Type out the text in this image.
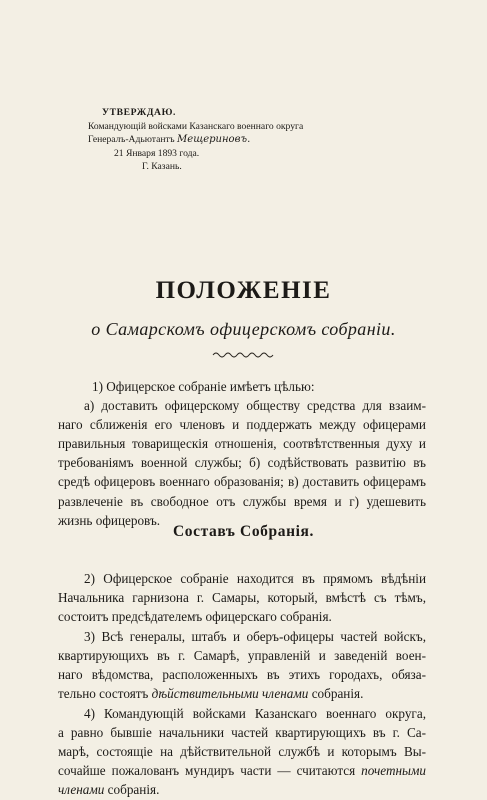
УТВЕРЖДАЮ.
Командующій войсками Казанскаго военнаго округа
Генералъ-Адьютантъ Мещериновъ.
21 Января 1893 года.
Г. Казань.
ПОЛОЖЕНІЕ
о Самарскомъ офицерскомъ собраніи.
1) Офицерское собраніе имѣетъ цѣлью:
а) доставить офицерскому обществу средства для взаим-
наго сближенія его членовъ и поддержать между офицерами
правильныя товарищескія отношенія, соотвѣтственныя духу и
требованіямъ военной службы; б) содѣйствовать развитію въ
средѣ офицеровъ военнаго образованія; в) доставить офицерамъ
развлеченіе въ свободное отъ службы время и г) удешевить
жизнь офицеровъ.
Составъ Собранія.
2) Офицерское собраніе находится въ прямомъ вѣдѣніи
Начальника гарнизона г. Самары, который, вмѣстѣ съ тѣмъ,
состоитъ предсѣдателемъ офицерскаго собранія.
3) Всѣ генералы, штабъ и оберъ-офицеры частей войскъ,
квартирующихъ въ г. Самарѣ, управленій и заведеній воен-
наго вѣдомства, расположенныхъ въ этихъ городахъ, обяза-
тельно состоятъ дѣйствительными членами собранія.
4) Командующій войсками Казанскаго военнаго округа,
а равно бывшіе начальники частей квартирующихъ въ г. Са-
марѣ, состоящіе на дѣйствительной службѣ и которымъ Вы-
сочайше пожалованъ мундиръ части — считаются почетными
членами собранія.
